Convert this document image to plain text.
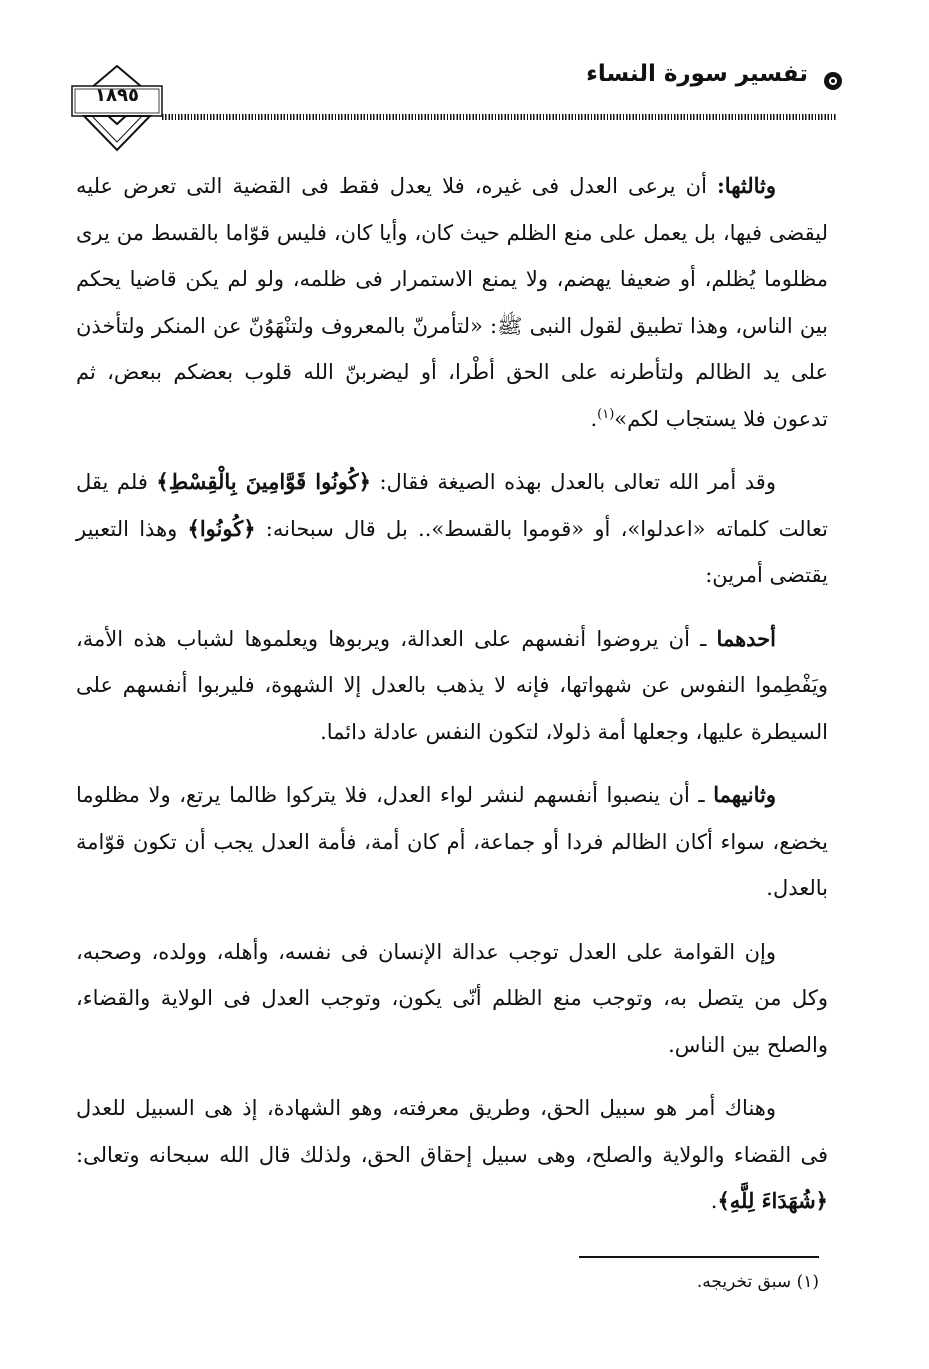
تفسير سورة النساء
١٨٩٥

وثالثها: أن يرعى العدل فى غيره، فلا يعدل فقط فى القضية التى تعرض عليه ليقضى فيها، بل يعمل على منع الظلم حيث كان، وأيا كان، فليس قوّاما بالقسط من يرى مظلوما يُظلم، أو ضعيفا يهضم، ولا يمنع الاستمرار فى ظلمه، ولو لم يكن قاضيا يحكم بين الناس، وهذا تطبيق لقول النبى ﷺ: «لتأمرنّ بالمعروف ولتنْهَوُنّ عن المنكر ولتأخذن على يد الظالم ولتأطرنه على الحق أطْرا، أو ليضربنّ الله قلوب بعضكم ببعض، ثم تدعون فلا يستجاب لكم»$^{(١)}$.

وقد أمر الله تعالى بالعدل بهذه الصيغة فقال: ﴿كُونُوا قَوَّامِينَ بِالْقِسْطِ﴾ فلم يقل تعالت كلماته «اعدلوا»، أو «قوموا بالقسط».. بل قال سبحانه: ﴿كُونُوا﴾ وهذا التعبير يقتضى أمرين:

أحدهما ـ أن يروضوا أنفسهم على العدالة، ويربوها ويعلموها لشباب هذه الأمة، ويَفْطِموا النفوس عن شهواتها، فإنه لا يذهب بالعدل إلا الشهوة، فليربوا أنفسهم على السيطرة عليها، وجعلها أمة ذلولا، لتكون النفس عادلة دائما.

وثانيهما ـ أن ينصبوا أنفسهم لنشر لواء العدل، فلا يتركوا ظالما يرتع، ولا مظلوما يخضع، سواء أكان الظالم فردا أو جماعة، أم كان أمة، فأمة العدل يجب أن تكون قوّامة بالعدل.

وإن القوامة على العدل توجب عدالة الإنسان فى نفسه، وأهله، وولده، وصحبه، وكل من يتصل به، وتوجب منع الظلم أنّى يكون، وتوجب العدل فى الولاية والقضاء، والصلح بين الناس.

وهناك أمر هو سبيل الحق، وطريق معرفته، وهو الشهادة، إذ هى السبيل للعدل فى القضاء والولاية والصلح، وهى سبيل إحقاق الحق، ولذلك قال الله سبحانه وتعالى: ﴿شُهَدَاءَ لِلَّهِ﴾.

(١) سبق تخريجه.
